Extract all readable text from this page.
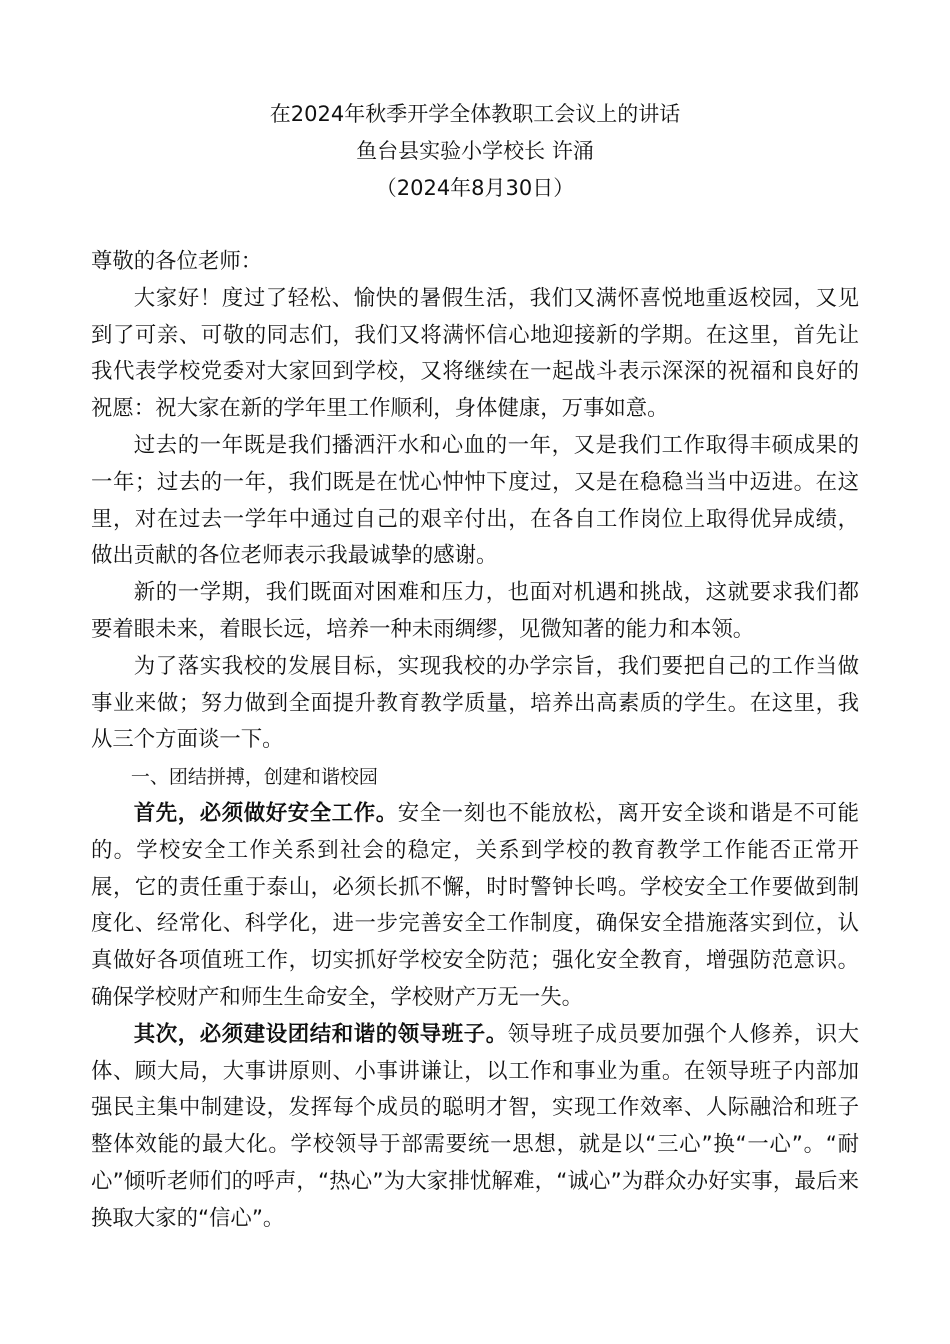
在2024年秋季开学全体教职工会议上的讲话
鱼台县实验小学校长 许涌
（2024年8月30日）

尊敬的各位老师：

大家好！度过了轻松、愉快的暑假生活，我们又满怀喜悦地重返校园，又见到了可亲、可敬的同志们，我们又将满怀信心地迎接新的学期。在这里，首先让我代表学校党委对大家回到学校，又将继续在一起战斗表示深深的祝福和良好的祝愿：祝大家在新的学年里工作顺利，身体健康，万事如意。

过去的一年既是我们播洒汗水和心血的一年，又是我们工作取得丰硕成果的一年；过去的一年，我们既是在忧心忡忡下度过，又是在稳稳当当中迈进。在这里，对在过去一学年中通过自己的艰辛付出，在各自工作岗位上取得优异成绩，做出贡献的各位老师表示我最诚挚的感谢。

新的一学期，我们既面对困难和压力，也面对机遇和挑战，这就要求我们都要着眼未来，着眼长远，培养一种未雨绸缪，见微知著的能力和本领。

为了落实我校的发展目标，实现我校的办学宗旨，我们要把自己的工作当做事业来做；努力做到全面提升教育教学质量，培养出高素质的学生。在这里，我从三个方面谈一下。

一、团结拼搏，创建和谐校园

首先，必须做好安全工作。安全一刻也不能放松，离开安全谈和谐是不可能的。学校安全工作关系到社会的稳定，关系到学校的教育教学工作能否正常开展，它的责任重于泰山，必须长抓不懈，时时警钟长鸣。学校安全工作要做到制度化、经常化、科学化，进一步完善安全工作制度，确保安全措施落实到位，认真做好各项值班工作，切实抓好学校安全防范；强化安全教育，增强防范意识。确保学校财产和师生生命安全，学校财产万无一失。

其次，必须建设团结和谐的领导班子。领导班子成员要加强个人修养，识大体、顾大局，大事讲原则、小事讲谦让，以工作和事业为重。在领导班子内部加强民主集中制建设，发挥每个成员的聪明才智，实现工作效率、人际融洽和班子整体效能的最大化。学校领导于部需要统一思想，就是以“三心”换“一心”。“耐心”倾听老师们的呼声，“热心”为大家排忧解难，“诚心”为群众办好实事，最后来换取大家的“信心”。
